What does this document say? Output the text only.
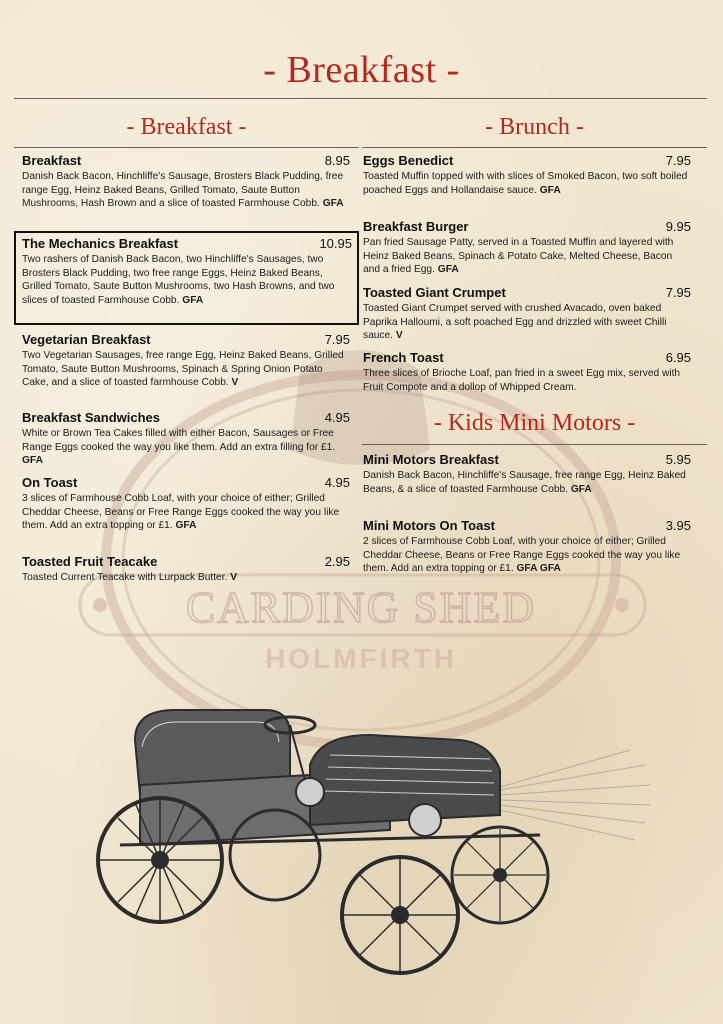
CARDING SHED
HOLMFIRTH
- Breakfast -
- Breakfast -
Breakfast	8.95
Danish Back Bacon, Hinchliffe's Sausage, Brosters Black Pudding, free range Egg, Heinz Baked Beans, Grilled Tomato, Saute Button Mushrooms, Hash Brown and a slice of toasted Farmhouse Cobb. GFA
The Mechanics Breakfast	10.95
Two rashers of Danish Back Bacon, two Hinchliffe's Sausages, two Brosters Black Pudding, two free range Eggs, Heinz Baked Beans, Grilled Tomato, Saute Button Mushrooms, two Hash Browns, and two slices of toasted Farmhouse Cobb. GFA
Vegetarian Breakfast	7.95
Two Vegetarian Sausages, free range Egg, Heinz Baked Beans, Grilled Tomato, Saute Button Mushrooms, Spinach & Spring Onion Potato Cake, and a slice of toasted farmhouse Cobb. V
Breakfast Sandwiches	4.95
White or Brown Tea Cakes filled with either Bacon, Sausages or Free Range Eggs cooked the way you like them. Add an extra filling for £1. GFA
On Toast	4.95
3 slices of Farmhouse Cobb Loaf, with your choice of either; Grilled Cheddar Cheese, Beans or Free Range Eggs cooked the way you like them. Add an extra topping or £1. GFA
Toasted Fruit Teacake	2.95
Toasted Current Teacake with Lurpack Butter. V
- Brunch -
Eggs Benedict	7.95
Toasted Muffin topped with with slices of Smoked Bacon, two soft boiled poached Eggs and Hollandaise sauce. GFA
Breakfast Burger	9.95
Pan fried Sausage Patty, served in a Toasted Muffin and layered with Heinz Baked Beans, Spinach & Potato Cake, Melted Cheese, Bacon and a fried Egg. GFA
Toasted Giant Crumpet	7.95
Toasted Giant Crumpet served with crushed Avacado, oven baked Paprika Halloumi, a soft poached Egg and drizzled with sweet Chilli sauce. V
French Toast	6.95
Three slices of Brioche Loaf, pan fried in a sweet Egg mix, served with Fruit Compote and a dollop of Whipped Cream.
- Kids Mini Motors -
Mini Motors Breakfast	5.95
Danish Back Bacon, Hinchliffe's Sausage, free range Egg, Heinz Baked Beans, & a slice of toasted Farmhouse Cobb. GFA
Mini Motors On Toast	3.95
2 slices of Farmhouse Cobb Loaf, with your choice of either; Grilled Cheddar Cheese, Beans or Free Range Eggs cooked the way you like them. Add an extra topping or £1. GFA GFA
